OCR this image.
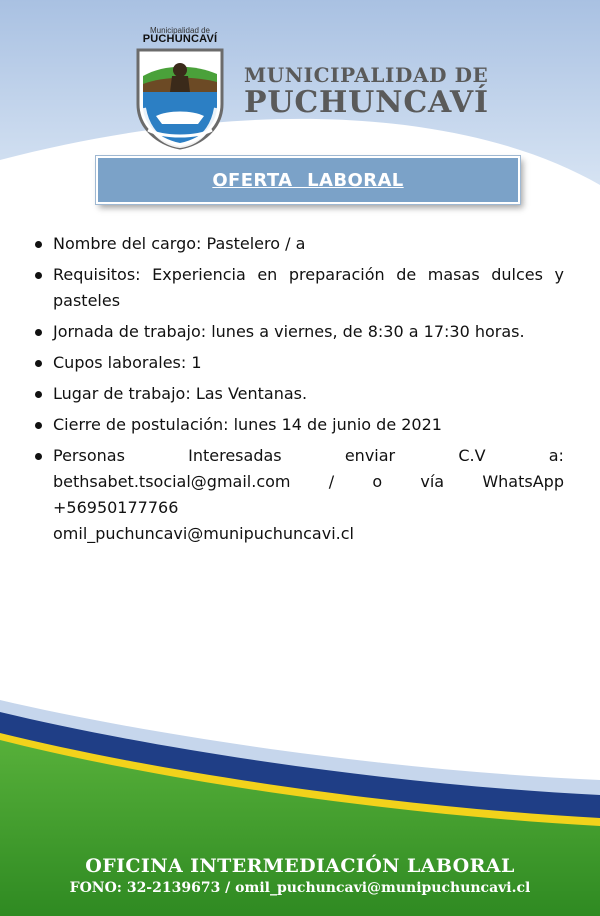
Municipalidad de
PUCHUNCAVÍ
MUNICIPALIDAD DE
PUCHUNCAVÍ
OFERTA LABORAL
Nombre del cargo: Pastelero / a
Requisitos: Experiencia en preparación de masas dulces y pasteles
Jornada de trabajo: lunes a viernes, de 8:30 a 17:30 horas.
Cupos laborales: 1
Lugar de trabajo: Las Ventanas.
Cierre de postulación: lunes 14 de junio de 2021
Personas	Interesadas	enviar	C.V	a:
bethsabet.tsocial@gmail.com / o vía WhatsApp
+56950177766
omil_puchuncavi@munipuchuncavi.cl
OFICINA INTERMEDIACIÓN LABORAL
FONO: 32-2139673 / omil_puchuncavi@munipuchuncavi.cl
